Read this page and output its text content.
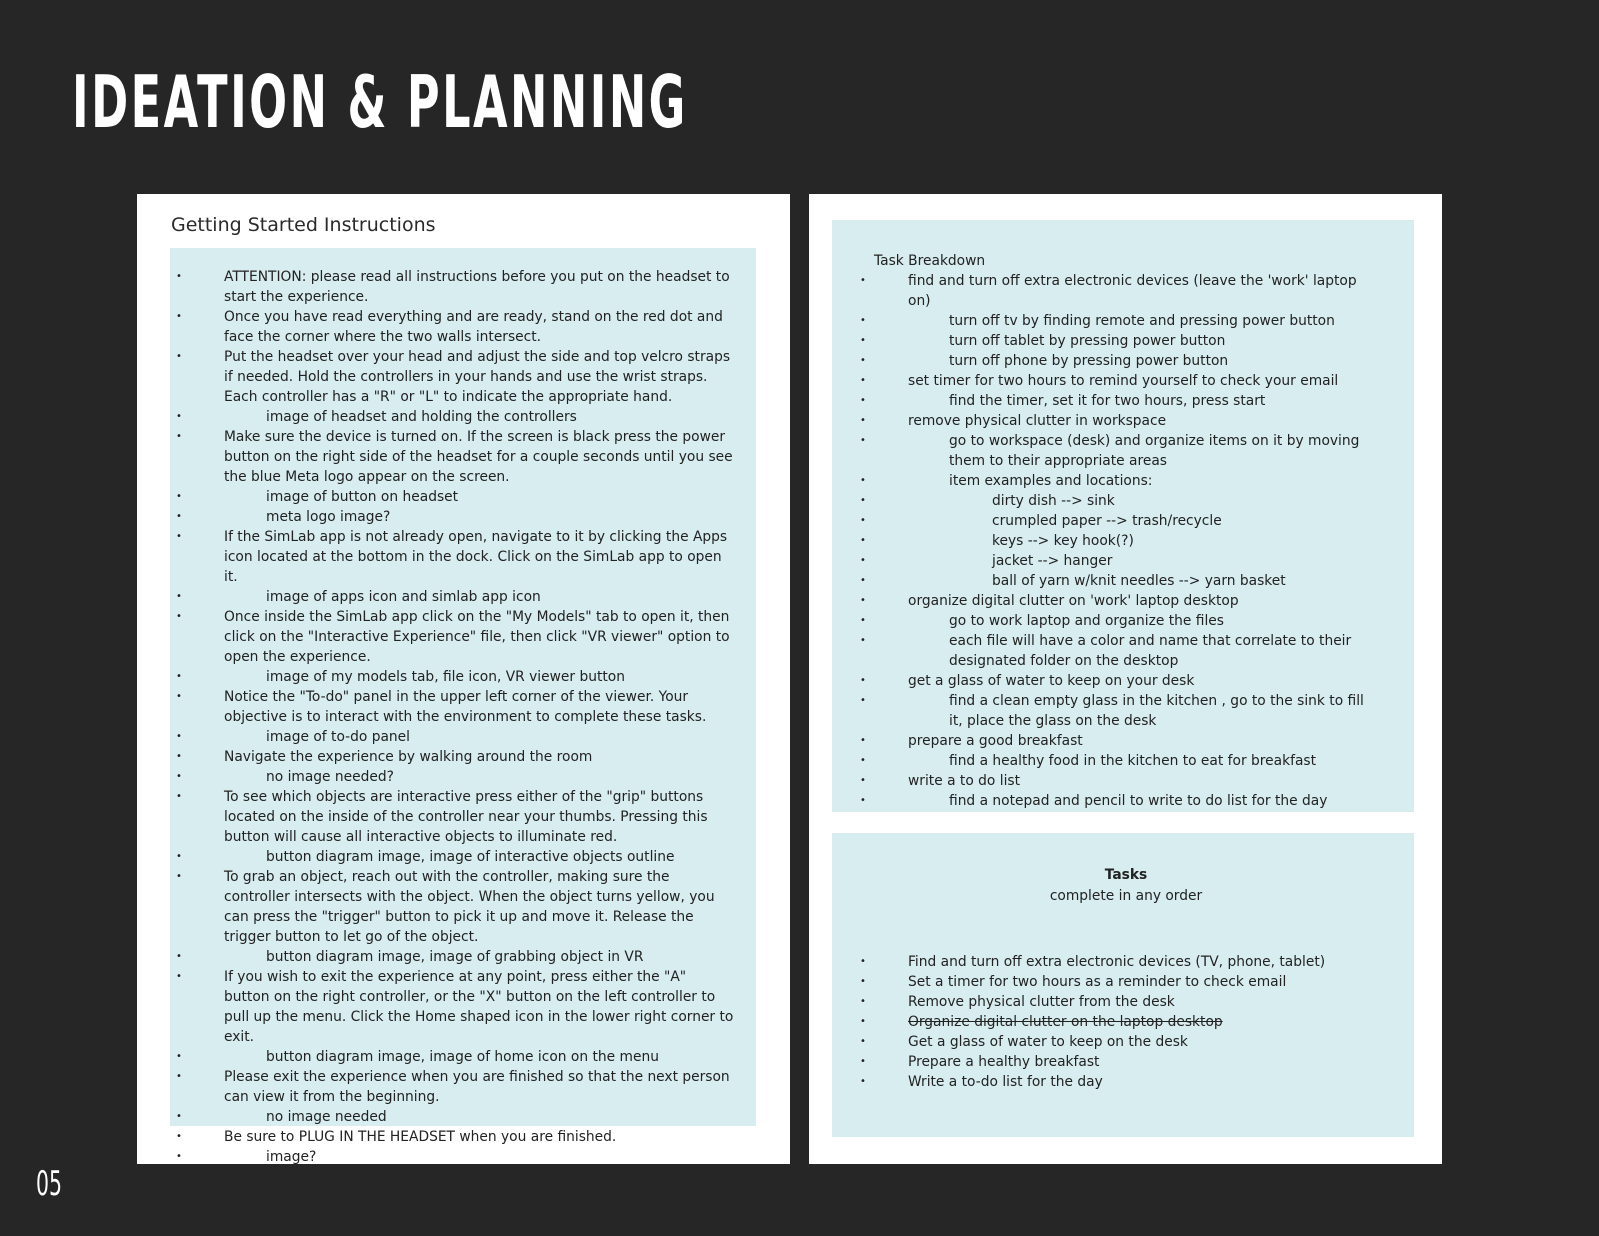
IDEATION & PLANNING
Getting Started Instructions
• ATTENTION: please read all instructions before you put on the headset to start the experience.
• Once you have read everything and are ready, stand on the red dot and face the corner where the two walls intersect.
• Put the headset over your head and adjust the side and top velcro straps if needed. Hold the controllers in your hands and use the wrist straps. Each controller has a "R" or "L" to indicate the appropriate hand.
• image of headset and holding the controllers
• Make sure the device is turned on. If the screen is black press the power button on the right side of the headset for a couple seconds until you see the blue Meta logo appear on the screen.
• image of button on headset
• meta logo image?
• If the SimLab app is not already open, navigate to it by clicking the Apps icon located at the bottom in the dock. Click on the SimLab app to open it.
• image of apps icon and simlab app icon
• Once inside the SimLab app click on the "My Models" tab to open it, then click on the "Interactive Experience" file, then click "VR viewer" option to open the experience.
• image of my models tab, file icon, VR viewer button
• Notice the "To-do" panel in the upper left corner of the viewer. Your objective is to interact with the environment to complete these tasks.
• image of to-do panel
• Navigate the experience by walking around the room
• no image needed?
• To see which objects are interactive press either of the "grip" buttons located on the inside of the controller near your thumbs. Pressing this button will cause all interactive objects to illuminate red.
• button diagram image, image of interactive objects outline
• To grab an object, reach out with the controller, making sure the controller intersects with the object. When the object turns yellow, you can press the "trigger" button to pick it up and move it. Release the trigger button to let go of the object.
• button diagram image, image of grabbing object in VR
• If you wish to exit the experience at any point, press either the "A" button on the right controller, or the "X" button on the left controller to pull up the menu. Click the Home shaped icon in the lower right corner to exit.
• button diagram image, image of home icon on the menu
• Please exit the experience when you are finished so that the next person can view it from the beginning.
• no image needed
• Be sure to PLUG IN THE HEADSET when you are finished.
• image?

Task Breakdown

• find and turn off extra electronic devices (leave the 'work' laptop on)
• turn off tv by finding remote and pressing power button
• turn off tablet by pressing power button
• turn off phone by pressing power button
• set timer for two hours to remind yourself to check your email
• find the timer, set it for two hours, press start
• remove physical clutter in workspace
• go to workspace (desk) and organize items on it by moving them to their appropriate areas
• item examples and locations:
• dirty dish --> sink
• crumpled paper --> trash/recycle
• keys --> key hook(?)
• jacket --> hanger
• ball of yarn w/knit needles --> yarn basket
• organize digital clutter on 'work' laptop desktop
• go to work laptop and organize the files
• each file will have a color and name that correlate to their designated folder on the desktop
• get a glass of water to keep on your desk
• find a clean empty glass in the kitchen , go to the sink to fill it, place the glass on the desk
• prepare a good breakfast
• find a healthy food in the kitchen to eat for breakfast
• write a to do list
• find a notepad and pencil to write to do list for the day

Tasks

complete in any order

• Find and turn off extra electronic devices (TV, phone, tablet)
• Set a timer for two hours as a reminder to check email
• Remove physical clutter from the desk
• Organize digital clutter on the laptop desktop
• Get a glass of water to keep on the desk
• Prepare a healthy breakfast
• Write a to-do list for the day
05
